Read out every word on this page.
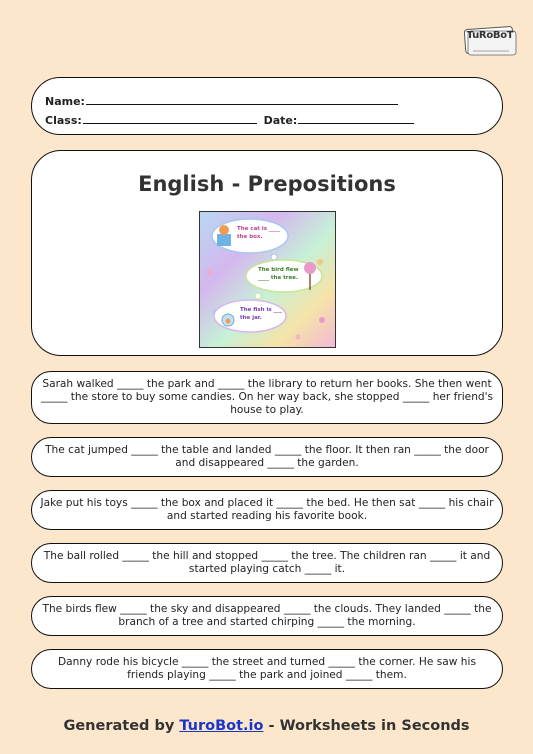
TuRoBoT
Name:
Class:	Date:
English - Prepositions
The cat is ____
the box.
The bird flew
____ the tree.
The fish is ___
the jar.
Sarah walked _____ the park and _____ the library to return her books. She then went _____ the store to buy some candies. On her way back, she stopped _____ her friend's house to play.
The cat jumped _____ the table and landed _____ the floor. It then ran _____ the door and disappeared _____ the garden.
Jake put his toys _____ the box and placed it _____ the bed. He then sat _____ his chair and started reading his favorite book.
The ball rolled _____ the hill and stopped _____ the tree. The children ran _____ it and started playing catch _____ it.
The birds flew _____ the sky and disappeared _____ the clouds. They landed _____ the branch of a tree and started chirping _____ the morning.
Danny rode his bicycle _____ the street and turned _____ the corner. He saw his friends playing _____ the park and joined _____ them.
Generated by TuroBot.io - Worksheets in Seconds
